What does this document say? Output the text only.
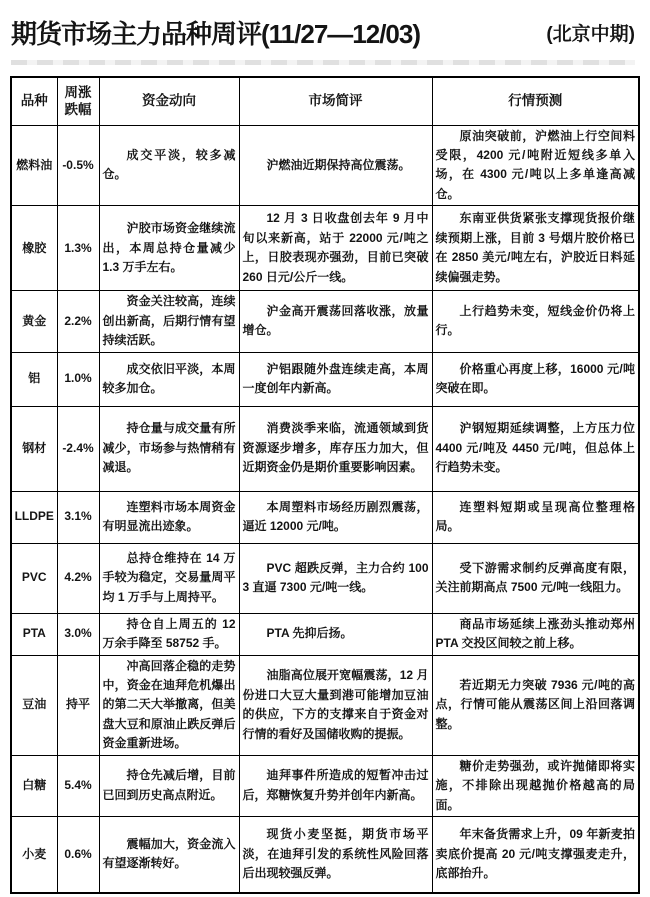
期货市场主力品种周评(11/27—12/03)	(北京中期)
品种	周涨跌幅	资金动向	市场简评	行情预测
燃料油	-0.5%	成交平淡，较多减仓。	沪燃油近期保持高位震荡。	原油突破前，沪燃油上行空间料受限，4200 元/吨附近短线多单入场，在 4300 元/吨以上多单逢高减仓。

橡胶	1.3%	沪胶市场资金继续流出，本周总持仓量减少 1.3 万手左右。	12 月 3 日收盘创去年 9 月中旬以来新高，站于 22000 元/吨之上，日胶表现亦强劲，目前已突破 260 日元/公斤一线。	东南亚供货紧张支撑现货报价继续预期上涨，目前 3 号烟片胶价格已在 2850 美元/吨左右，沪胶近日料延续偏强走势。

黄金	2.2%	资金关注较高，连续创出新高，后期行情有望持续活跃。	沪金高开震荡回落收涨，放量增仓。	上行趋势未变，短线金价仍将上行。

铝	1.0%	成交依旧平淡，本周较多加仓。	沪铝跟随外盘连续走高，本周一度创年内新高。	价格重心再度上移，16000 元/吨突破在即。

钢材	-2.4%	持仓量与成交量有所减少，市场参与热情稍有减退。	消费淡季来临，流通领域到货资源逐步增多，库存压力加大，但近期资金仍是期价重要影响因素。	沪钢短期延续调整，上方压力位 4400 元/吨及 4450 元/吨，但总体上行趋势未变。

LLDPE	3.1%	连塑料市场本周资金有明显流出迹象。	本周塑料市场经历剧烈震荡，逼近 12000 元/吨。	连塑料短期或呈现高位整理格局。

PVC	4.2%	总持仓维持在 14 万手较为稳定，交易量周平均 1 万手与上周持平。	PVC 超跌反弹，主力合约 1003 直逼 7300 元/吨一线。	受下游需求制约反弹高度有限，关注前期高点 7500 元/吨一线阻力。

PTA	3.0%	持仓自上周五的 12 万余手降至 58752 手。	PTA 先抑后扬。	商品市场延续上涨劲头推动郑州 PTA 交投区间较之前上移。

豆油	持平	冲高回落企稳的走势中，资金在迪拜危机爆出的第二天大举撤离，但美盘大豆和原油止跌反弹后资金重新进场。	油脂高位展开宽幅震荡，12 月份进口大豆大量到港可能增加豆油的供应，下方的支撑来自于资金对行情的看好及国储收购的提振。	若近期无力突破 7936 元/吨的高点，行情可能从震荡区间上沿回落调整。

白糖	5.4%	持仓先减后增，目前已回到历史高点附近。	迪拜事件所造成的短暂冲击过后，郑糖恢复升势并创年内新高。	糖价走势强劲，或许抛储即将实施，不排除出现越抛价格越高的局面。

小麦	0.6%	震幅加大，资金流入有望逐渐转好。	现货小麦坚挺，期货市场平淡，在迪拜引发的系统性风险回落后出现较强反弹。	年末备货需求上升，09 年新麦拍卖底价提高 20 元/吨支撑强麦走升，底部抬升。
